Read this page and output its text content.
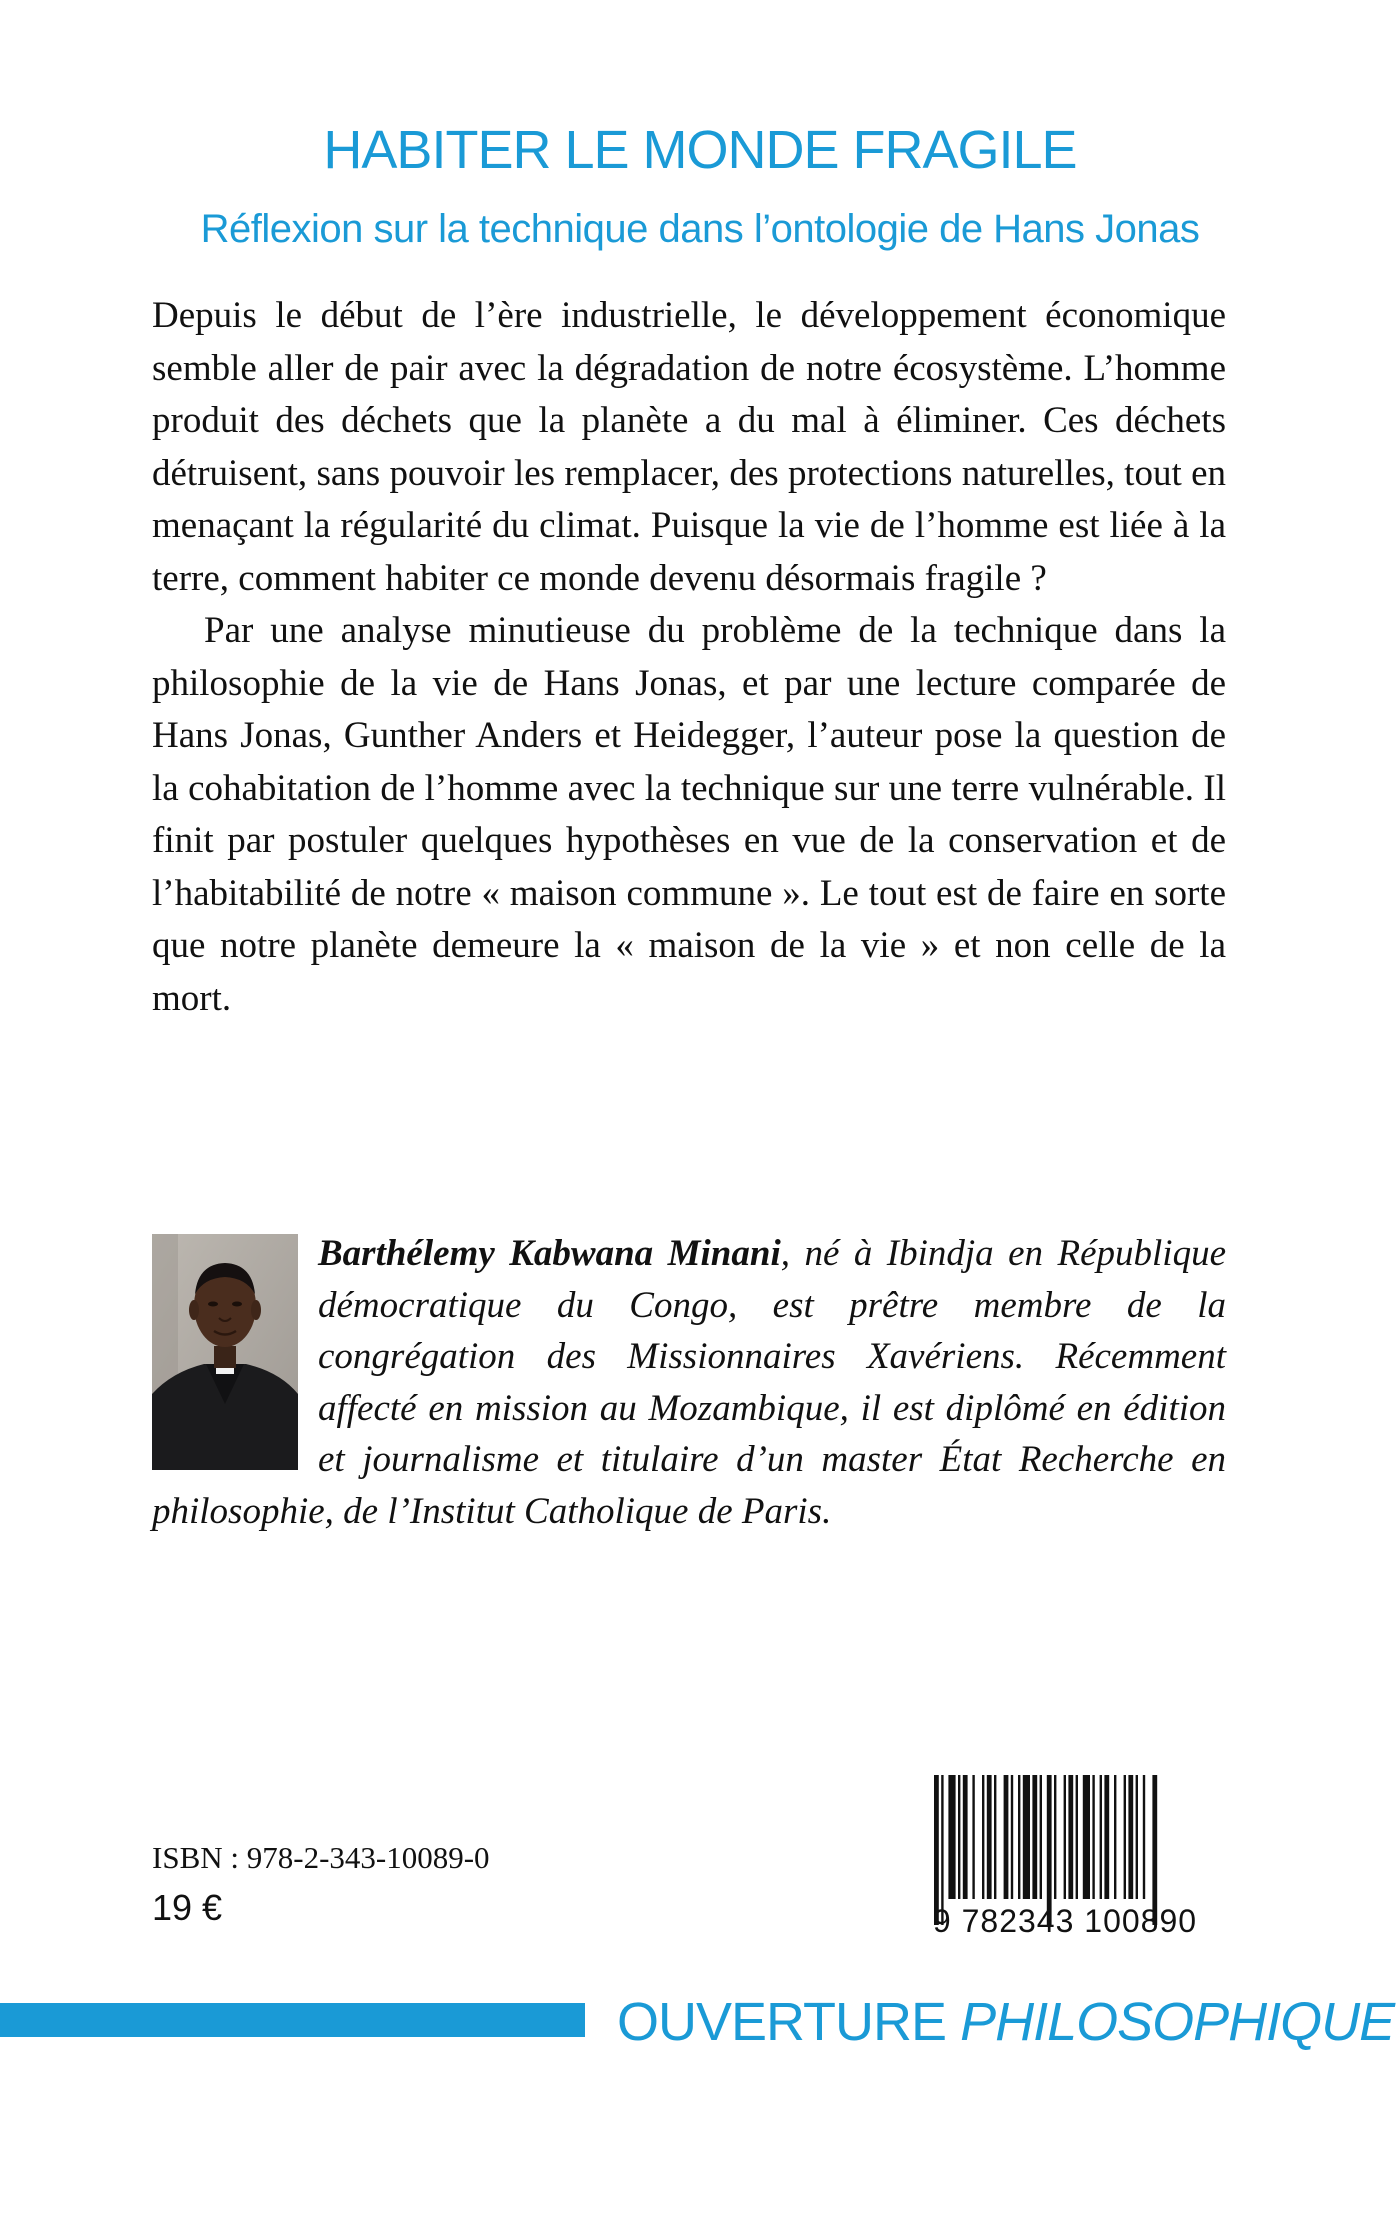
HABITER LE MONDE FRAGILE
Réflexion sur la technique dans l’ontologie de Hans Jonas

Depuis le début de l’ère industrielle, le développement économique semble aller de pair avec la dégradation de notre écosystème. L’homme produit des déchets que la planète a du mal à éliminer. Ces déchets détruisent, sans pouvoir les remplacer, des protections naturelles, tout en menaçant la régularité du climat. Puisque la vie de l’homme est liée à la terre, comment habiter ce monde devenu désormais fragile ?

Par une analyse minutieuse du problème de la technique dans la philosophie de la vie de Hans Jonas, et par une lecture comparée de Hans Jonas, Gunther Anders et Heidegger, l’auteur pose la question de la cohabitation de l’homme avec la technique sur une terre vulnérable. Il finit par postuler quelques hypothèses en vue de la conservation et de l’habitabilité de notre « maison commune ». Le tout est de faire en sorte que notre planète demeure la « maison de la vie » et non celle de la mort.

Barthélemy Kabwana Minani, né à Ibindja en République démocratique du Congo, est prêtre membre de la congrégation des Missionnaires Xavériens. Récemment affecté en mission au Mozambique, il est diplômé en édition et journalisme et titulaire d’un master État Recherche en philosophie, de l’Institut Catholique de Paris.

ISBN : 978-2-343-10089-0
19 €	9 782343 100890
OUVERTURE PHILOSOPHIQUE
